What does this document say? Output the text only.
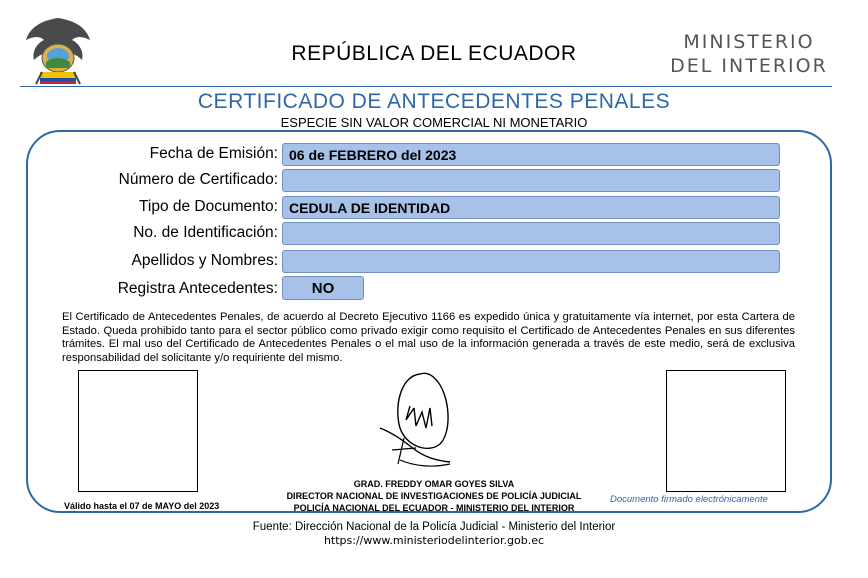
REPÚBLICA DEL ECUADOR	MINISTERIO
DEL INTERIOR
CERTIFICADO DE ANTECEDENTES PENALES
ESPECIE SIN VALOR COMERCIAL NI MONETARIO
Fecha de Emisión: 06 de FEBRERO del 2023
Número de Certificado:
Tipo de Documento: CEDULA DE IDENTIDAD
No. de Identificación:
Apellidos y Nombres:
Registra Antecedentes:	NO
El Certificado de Antecedentes Penales, de acuerdo al Decreto Ejecutivo 1166 es expedido única y gratuitamente vía internet, por esta Cartera de Estado. Queda prohibido tanto para el sector público como privado exigir como requisito el Certificado de Antecedentes Penales en sus diferentes trámites. El mal uso del Certificado de Antecedentes Penales o el mal uso de la información generada a través de este medio, será de exclusiva responsabilidad del solicitante y/o requiriente del mismo.
GRAD. FREDDY OMAR GOYES SILVA
DIRECTOR NACIONAL DE INVESTIGACIONES DE POLICÍA JUDICIAL
POLICÍA NACIONAL DEL ECUADOR - MINISTERIO DEL INTERIOR
Válido hasta el 07 de MAYO del 2023
Documento firmado electrónicamente
Fuente: Dirección Nacional de la Policía Judicial - Ministerio del Interior
https://www.ministeriodelinterior.gob.ec
